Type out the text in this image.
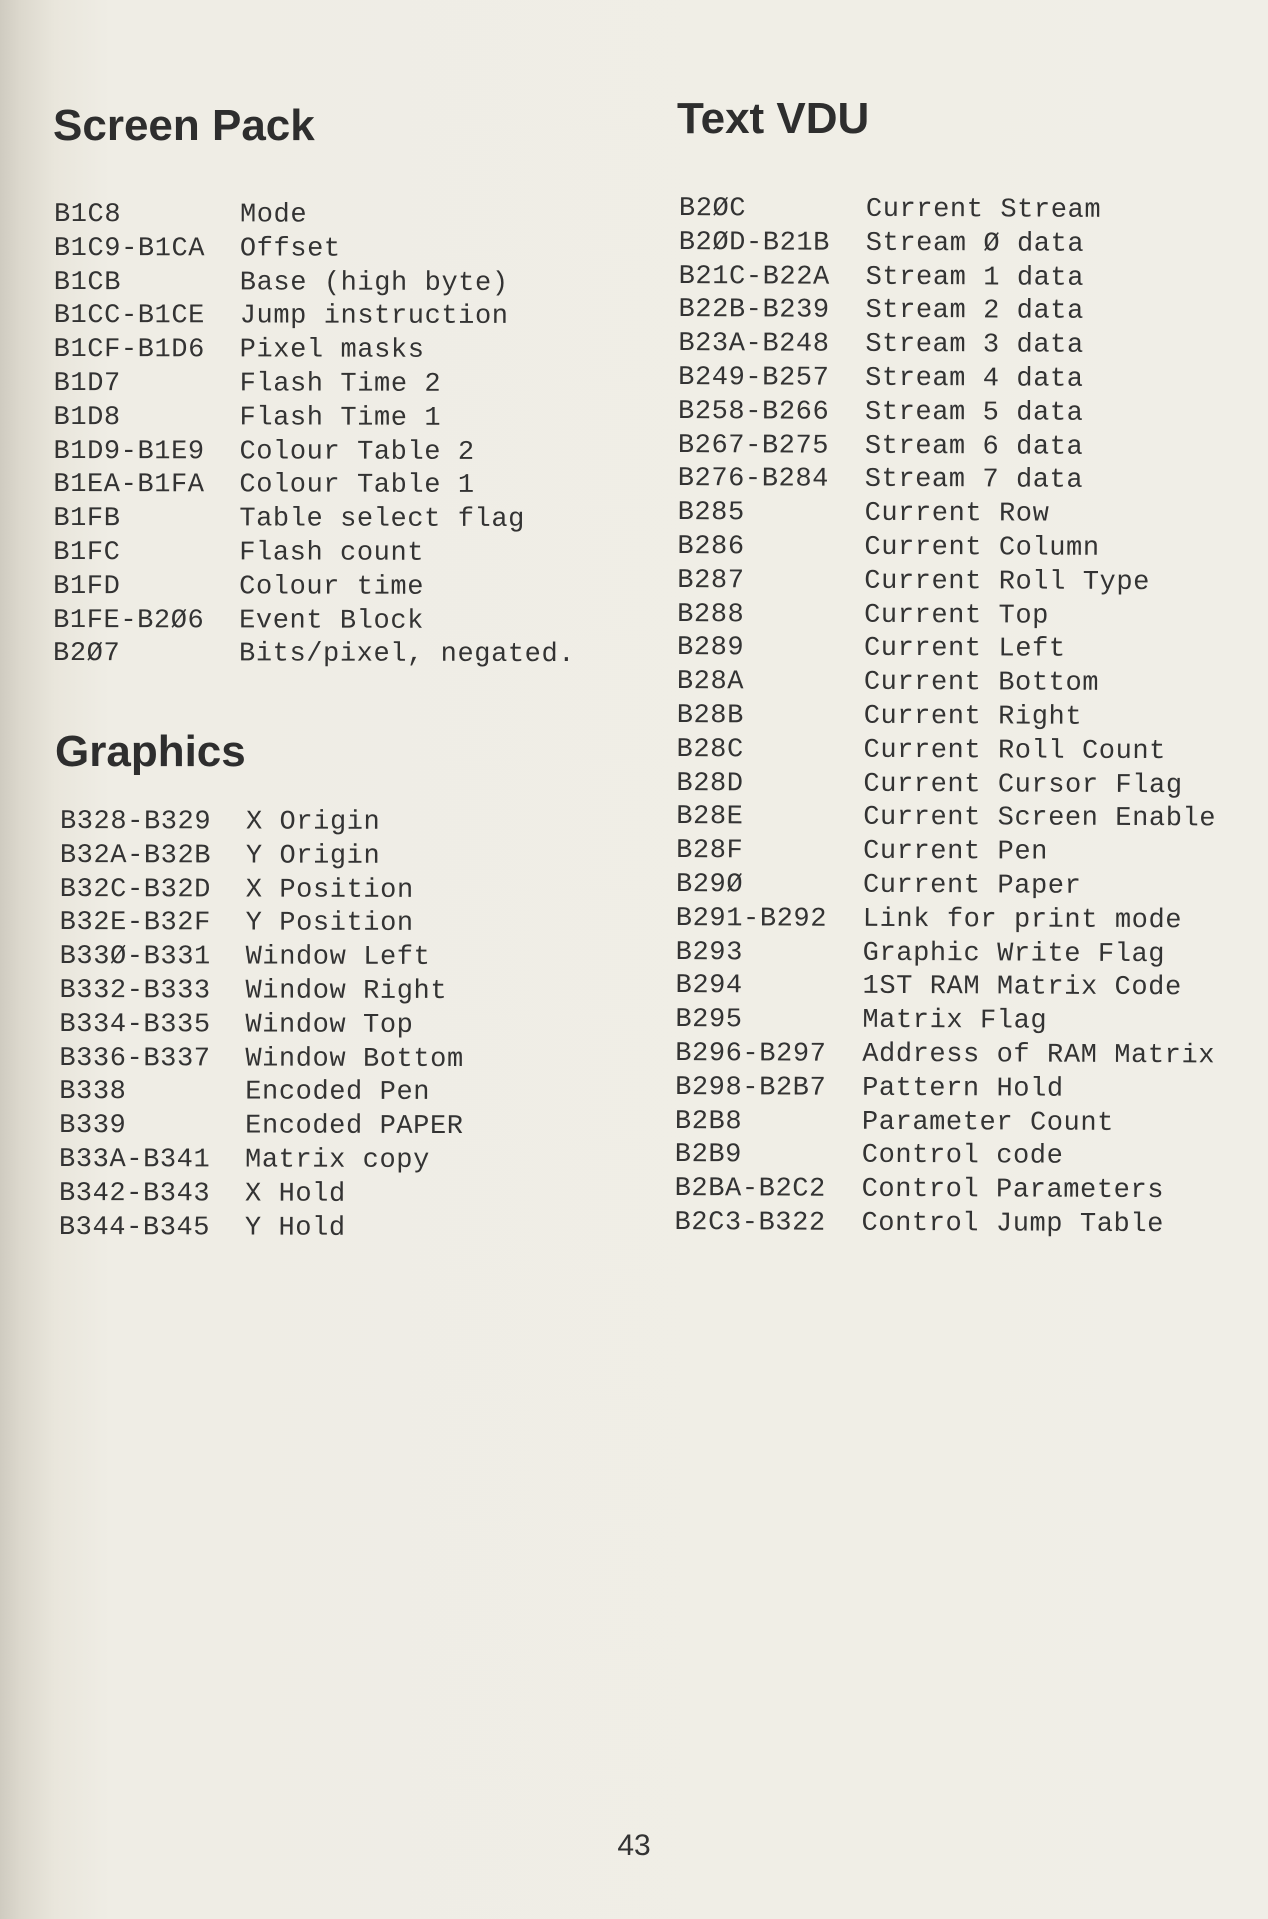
Screen Pack
B1C8	Mode
B1C9-B1CA	Offset
B1CB	Base (high byte)
B1CC-B1CE	Jump instruction
B1CF-B1D6	Pixel masks
B1D7	Flash Time 2
B1D8	Flash Time 1
B1D9-B1E9	Colour Table 2
B1EA-B1FA	Colour Table 1
B1FB	Table select flag
B1FC	Flash count
B1FD	Colour time
B1FE-B2Ø6	Event Block
B2Ø7	Bits/pixel, negated.
Graphics
B328-B329	X Origin
B32A-B32B	Y Origin
B32C-B32D	X Position
B32E-B32F	Y Position
B33Ø-B331	Window Left
B332-B333	Window Right
B334-B335	Window Top
B336-B337	Window Bottom
B338	Encoded Pen
B339	Encoded PAPER
B33A-B341	Matrix copy
B342-B343	X Hold
B344-B345	Y Hold
Text VDU
B2ØC	Current Stream
B2ØD-B21B	Stream Ø data
B21C-B22A	Stream 1 data
B22B-B239	Stream 2 data
B23A-B248	Stream 3 data
B249-B257	Stream 4 data
B258-B266	Stream 5 data
B267-B275	Stream 6 data
B276-B284	Stream 7 data
B285	Current Row
B286	Current Column
B287	Current Roll Type
B288	Current Top
B289	Current Left
B28A	Current Bottom
B28B	Current Right
B28C	Current Roll Count
B28D	Current Cursor Flag
B28E	Current Screen Enable
B28F	Current Pen
B29Ø	Current Paper
B291-B292	Link for print mode
B293	Graphic Write Flag
B294	1ST RAM Matrix Code
B295	Matrix Flag
B296-B297	Address of RAM Matrix
B298-B2B7	Pattern Hold
B2B8	Parameter Count
B2B9	Control code
B2BA-B2C2	Control Parameters
B2C3-B322	Control Jump Table
43
